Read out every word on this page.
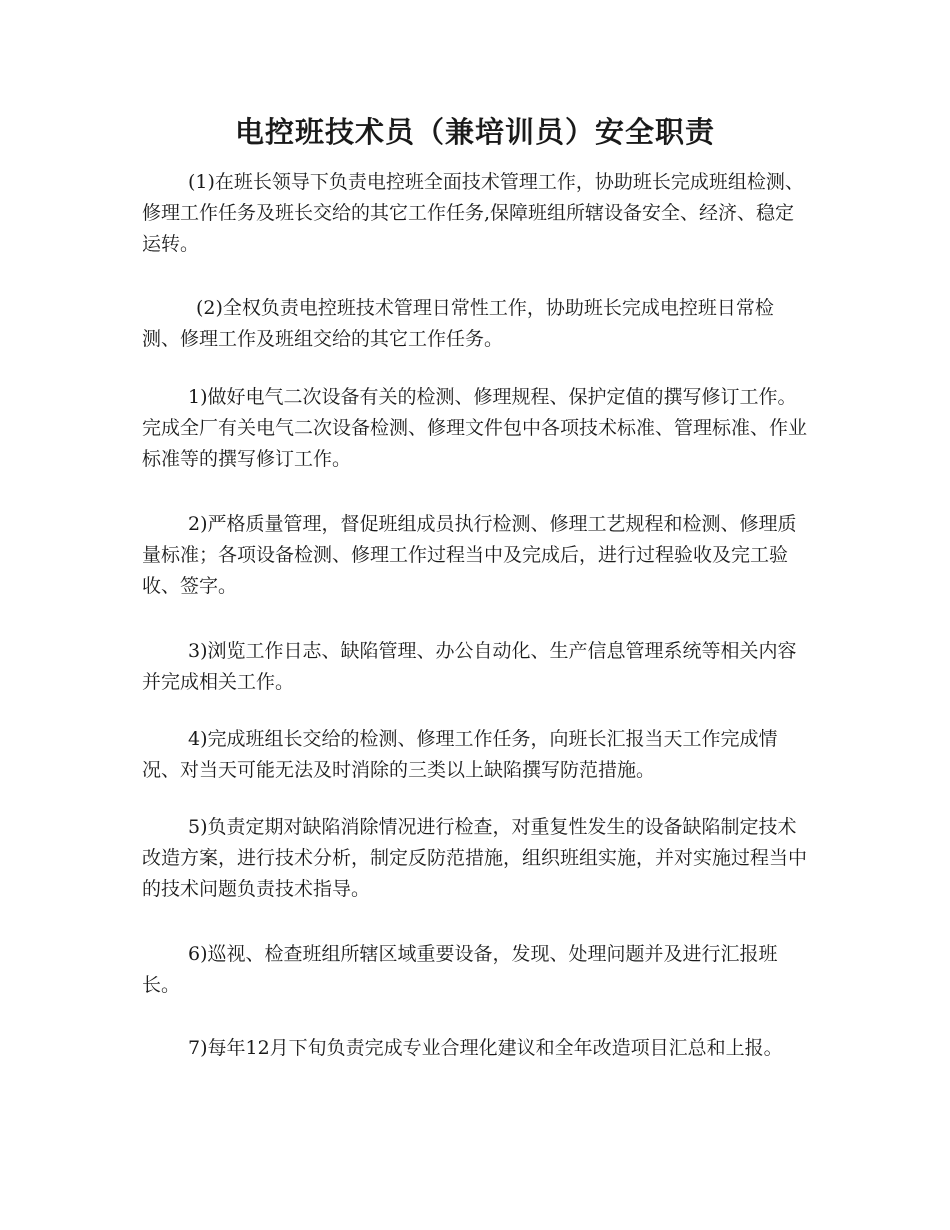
电控班技术员（兼培训员）安全职责

(1)在班长领导下负责电控班全面技术管理工作，协助班长完成班组检测、修理工作任务及班长交给的其它工作任务,保障班组所辖设备安全、经济、稳定运转。

(2)全权负责电控班技术管理日常性工作，协助班长完成电控班日常检测、修理工作及班组交给的其它工作任务。

1)做好电气二次设备有关的检测、修理规程、保护定值的撰写修订工作。完成全厂有关电气二次设备检测、修理文件包中各项技术标准、管理标准、作业标准等的撰写修订工作。

2)严格质量管理，督促班组成员执行检测、修理工艺规程和检测、修理质量标准；各项设备检测、修理工作过程当中及完成后，进行过程验收及完工验收、签字。

3)浏览工作日志、缺陷管理、办公自动化、生产信息管理系统等相关内容并完成相关工作。

4)完成班组长交给的检测、修理工作任务，向班长汇报当天工作完成情况、对当天可能无法及时消除的三类以上缺陷撰写防范措施。

5)负责定期对缺陷消除情况进行检查，对重复性发生的设备缺陷制定技术改造方案，进行技术分析，制定反防范措施，组织班组实施，并对实施过程当中的技术问题负责技术指导。

6)巡视、检查班组所辖区域重要设备，发现、处理问题并及进行汇报班长。

7)每年12月下旬负责完成专业合理化建议和全年改造项目汇总和上报。
